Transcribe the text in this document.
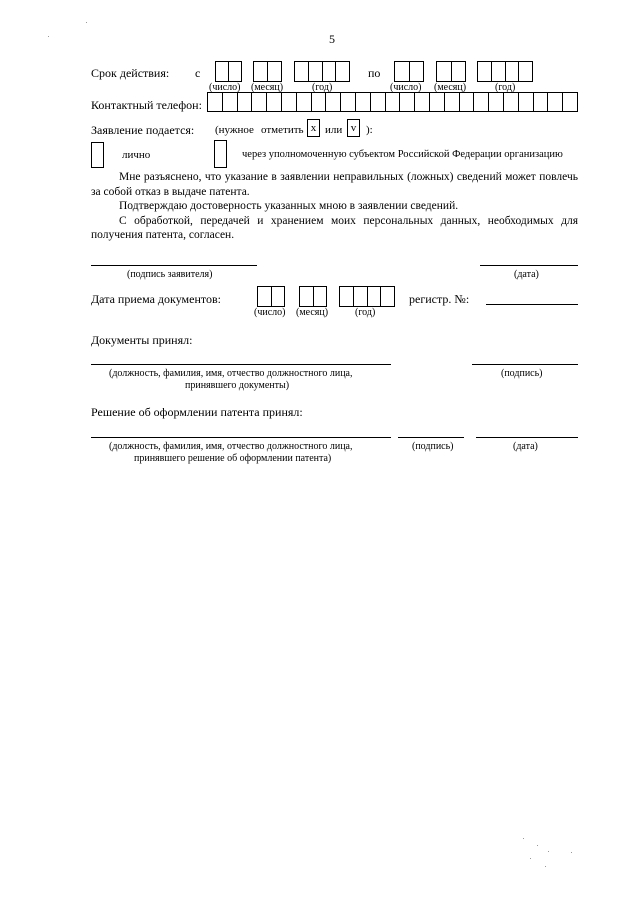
5
Срок действия: с	по
(число) (месяц)	(год)	(число) (месяц)	(год)
Контактный телефон:
Заявление подается: (нужное отметить x или v ):
лично	через уполномоченную субъектом Российской Федерации организацию

Мне разъяснено, что указание в заявлении неправильных (ложных) сведений может повлечь за собой отказ в выдаче патента.

Подтверждаю достоверность указанных мною в заявлении сведений.

С обработкой, передачей и хранением моих персональных данных, необходимых для получения патента, согласен.

(подпись заявителя)	(дата)
Дата приема документов:
(число) (месяц)	(год)
регистр. №:
Документы принял:
(должность, фамилия, имя, отчество должностного лица,
принявшего документы)
(подпись)
Решение об оформлении патента принял:
(должность, фамилия, имя, отчество должностного лица,
принявшего решение об оформлении патента)
(подпись)	(дата)
